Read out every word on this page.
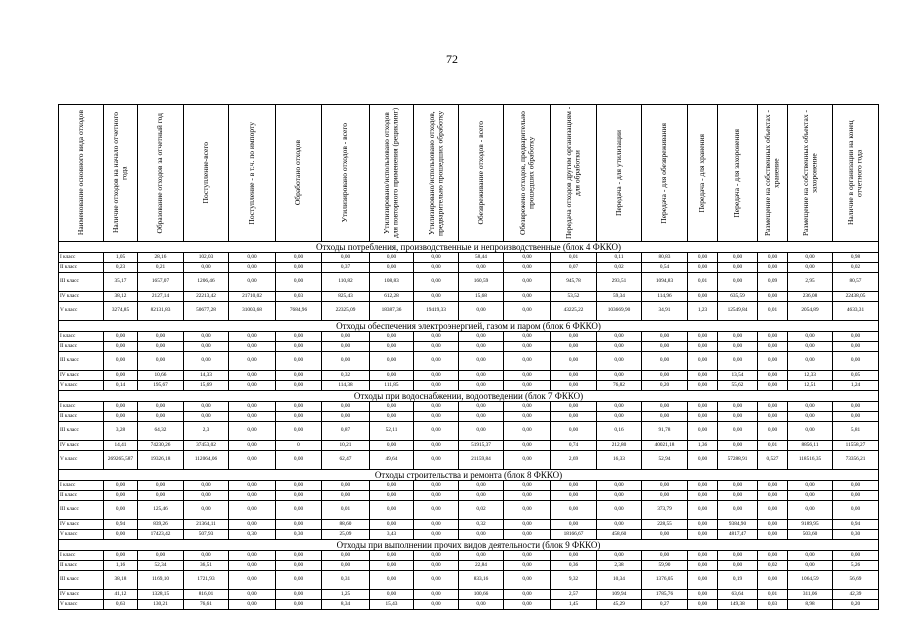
72
Наименование основного вида отходов	Наличие отходов на начало отчетного года	Образование отходов за отчетный год	Поступление-всего	Поступление - в т.ч. по импорту	Обработано отходов	Утилизировано отходов - всего	Утилизировано/использовано отходов для повторного применения (рециклинг)	Утилизировано/использовано отходов, предварительно прошедших обработку	Обезвреживание отходов - всего	Обезврежено отходов, предварительно прошедших обработку	Передача отходов другим организациям - для обработки	Передача - для утилизации	Передача - для обезвреживания	Передача - для хранения	Передача - для захоронения	Размещение на собственных объектах - хранение	Размещение на собственных объектах - захоронение	Наличие в организации на конец отчетного года

Отходы потребления, производственные и непроизводственные (блок 4 ФККО)																		
I класс	1,05	28,16	102,03	0,00	0,00	0,00	0,00	0,00	58,44	0,00	0,01	0,11	80,83	0,00	0,00	0,00	0,00	0,98
II класс	0,23	0,21	0,00	0,00	0,00	0,37	0,00	0,00	0,00	0,00	0,07	0,02	0,54	0,00	0,00	0,00	0,00	0,02
III класс	35,17	1657,07	1206,46	0,00	0,00	110,82	108,83	0,00	160,59	0,00	945,78	293,51	1094,83	0,01	0,00	0,09	2,95	80,57
IV класс	38,12	2127,14	22213,42	21710,02	0,03	825,43	612,28	0,00	15,68	0,00	53,52	59,34	114,96	0,00	635,59	0,00	236,08	22438,05
V класс	3274,85	82131,83	50677,28	31003,68	7684,96	22325,09	18387,36	19419,33	0,00	0,00	43225,22	103669,90	34,91	1,23	12549,84	0,01	2054,89	4633,31
Отходы обеспечения электроэнергией, газом и паром (блок 6 ФККО)																		
I класс	0,00	0,00	0,00	0,00	0,00	0,00	0,00	0,00	0,00	0,00	0,00	0,00	0,00	0,00	0,00	0,00	0,00	0,00
II класс	0,00	0,00	0,00	0,00	0,00	0,00	0,00	0,00	0,00	0,00	0,00	0,00	0,00	0,00	0,00	0,00	0,00	0,00
III класс	0,00	0,00	0,00	0,00	0,00	0,00	0,00	0,00	0,00	0,00	0,00	0,00	0,00	0,00	0,00	0,00	0,00	0,00
IV класс	0,00	10,66	14,33	0,00	0,00	0,32	0,00	0,00	0,00	0,00	0,00	0,00	0,00	0,00	13,54	0,00	12,33	0,05
V класс	0,14	195,67	15,69	0,00	0,00	114,38	111,85	0,00	0,00	0,00	0,00	76,82	0,20	0,00	55,62	0,00	12,51	1,24
Отходы при водоснабжении, водоотведении (блок 7 ФККО)																		
I класс	0,00	0,00	0,00	0,00	0,00	0,00	0,00	0,00	0,00	0,00	0,00	0,00	0,00	0,00	0,00	0,00	0,00	0,00
II класс	0,00	0,00	0,00	0,00	0,00	0,00	0,00	0,00	0,00	0,00	0,00	0,00	0,00	0,00	0,00	0,00	0,00	0,00
III класс	3,28	64,32	2,3	0,00	0,00	0,87	52,11	0,00	0,00	0,00	0,00	0,16	91,78	0,00	0,00	0,00	0,00	5,81
IV класс	14,41	74230,26	37453,02	0,00	0	10,21	0,00	0,00	51915,37	0,00	0,74	212,80	40021,18	1,36	0,00	0,01	8856,11	11558,27
V класс	269265,587	19326,18	112064,06	0,00	0,00	62,47	49,64	0,00	21159,84	0,00	2,69	16,33	52,94	0,00	57288,91	0,527	118516,35	73356,21
Отходы строительства и ремонта (блок 8 ФККО)																		
I класс	0,00	0,00	0,00	0,00	0,00	0,00	0,00	0,00	0,00	0,00	0,00	0,00	0,00	0,00	0,00	0,00	0,00	0,00
II класс	0,00	0,00	0,00	0,00	0,00	0,00	0,00	0,00	0,00	0,00	0,00	0,00	0,00	0,00	0,00	0,00	0,00	0,00
III класс	0,00	125,46	0,00	0,00	0,00	0,01	0,00	0,00	0,02	0,00	0,00	0,00	373,79	0,00	0,00	0,00	0,00	0,00
IV класс	0,94	839,26	21364,11	0,00	0,00	88,60	0,00	0,00	0,32	0,00	0,00	0,00	228,55	0,00	9384,90	0,00	9189,95	0,94
V класс	0,00	17423,42	507,93	0,30	0,30	25,09	3,43	0,00	0,00	0,00	18166,67	458,60	0,00	0,00	4817,47	0,00	503,60	0,30
Отходы при выполнении прочих видов деятельности (блок 9 ФККО)																		
I класс	0,00	0,00	0,00	0,00	0,00	0,00	0,00	0,00	0,00	0,00	0,00	0,00	0,00	0,00	0,00	0,00	0,00	0,00
II класс	1,16	52,34	36,51	0,00	0,00	0,00	0,00	0,00	22,84	0,00	0,36	2,38	59,90	0,00	0,00	0,02	0,00	5,26
III класс	38,18	1169,10	1721,93	0,00	0,00	0,31	0,00	0,00	833,16	0,00	9,32	10,34	1376,05	0,00	0,19	0,00	1064,59	56,69
IV класс	41,12	1328,15	816,01	0,00	0,00	1,25	0,00	0,00	100,66	0,00	2,57	109,94	1785,76	0,00	63,64	0,01	311,06	42,39
V класс	0,63	130,21	76,61	0,00	0,00	8,34	15,43	0,00	0,00	0,00	1,45	45,29	0,27	0,00	149,38	0,03	8,98	0,20
